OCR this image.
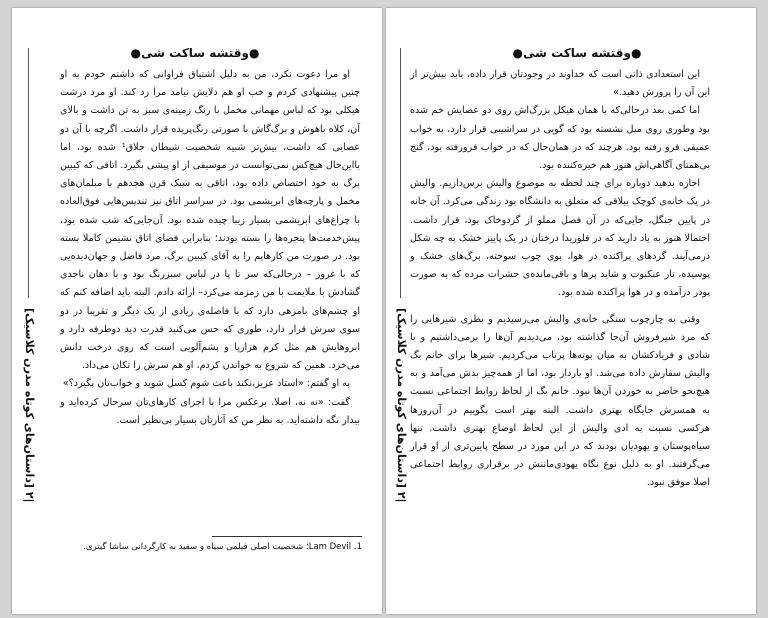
●وقتشه ساکت شی●
[داستان‌های کوتاه مدرن کلاسیک] ۲|

او مرا دعوت نکرد، من به دلیل اشتیاق فراوانی که داشتم خودم به او چنین پیشنهادی کردم و خب او هم دلایش نیامد مرا رد کند. او مرد درشت هیکلی بود که لباس مهمانی مخمل با رنگ زمینه‌ی سبز به تن داشت و بالای آن، کلاه باهوش و برگ‌گاش با صورتی رنگ‌پریده قرار داشت. اگرچه با آن دو عصایی که داشت، بیش‌تر شبیه شخصیت شیطان جلاق¹ شده بود، اما بااین‌حال هیچ‌کس نمی‌توانست در موسیقی از او پیشی بگیرد. اتاقی که کیبین برگ به خود اختصاص داده بود، اتاقی به سبک قرن هجدهم با مبلمان‌های مخمل و پارچه‌های ابریشمی بود. در سراسر اتاق نیز تندیس‌هایی فوق‌العاده با چراغ‌های ابریشمی بسیار زیبا چیده شده بود. آن‌جایی‌که شب شده بود، پیش‌خدمت‌ها پنجره‌ها را بسته بودند؛ بنابراین فضای اتاق نشیمن کاملا بسته بود. در صورت من کارهایم را به آقای کیبین برگ، مرد فاضل و جهان‌دیده‌یی که با غرور – درحالی‌که سر تا پا در لباس سبزرنگ بود و با دهان ناحدی گشادش با ملایمت با من زمزمه می‌کرد– ارائه دادم. البته باید اضافه کنم که او چشم‌های بامزهی دارد که با فاصله‌ی زیادی از یک دیگر و تقریبا در دو سوی سرش قرار دارد، طوری که حس می‌کنید قدرت دید دوطرفه دارد و ابروهایش هم مثل کرم هزارپا و پشم‌آلویی است که روی درخت دانش می‌خزد. همین که شروع به خواندن کردم، او هم سرش را تکان می‌داد.

به او گفتم: «استاد عزیز،نکند باعث شوم کسل شوید و خواب‌تان بگیرد؟»

گفت: «نه نه، اصلا. برعکس مرا با اجرای کارهای‌تان سرحال کرده‌اید و بیدار نگه داشته‌اید. به نظر من که آثارتان بسیار بی‌نظیر است.

1. Lam Devil؛ شخصیت اصلی فیلمی سیاه و سفید به کارگردانی ساشا گیتری.
●وقتشه ساکت شی●
[داستان‌های کوتاه مدرن کلاسیک] ۲|

این استعدادی ذاتی است که خداوند در وجودتان قرار داده، باید بیش‌تر از این آن را پرورش دهید.»

اما کمی بعد درحالی‌که با همان هیکل بزرگ‌اش روی دو عصایش خم شده بود وطوری روی مبل نشسته بود که گویی در سراشیبی قرار دارد، به خواب عمیقی فرو رفته بود. هرچند که در همان‌حال که در خواب فرورفته بود، گنج بی‌همتای آگاهی‌اش هنوز هم خیره‌کننده بود.

اجازه بدهید دوباره برای چند لحظه به موضوع والیش برس‌دازیم. والیش در یک خانه‌ی کوچک ییلاقی که متعلق به دانشگاه بود زندگی می‌کرد. آن خانه در پایین جنگل، جایی‌که در آن فصل مملو از گردوخاک بود، قرار داشت. احتمالا هنوز به یاد دارید که در فلوریدا درختان در یک پاییز خشک به چه شکل درمی‌آیند. گردهای پراکنده در هوا، بوی چوب سوخته، برگ‌های خشک و پوسیده، تار عنکبوت و شاید پرها و باقی‌مانده‌ی حشرات مرده که به صورت پودر درآمده و در هوا پراکنده شده بود.

وقتی به چارچوب سنگی خانه‌ی والیش می‌رسیدیم و بطری شیرهایی را که مرد شیرفروش آن‌جا گذاشته بود، می‌دیدیم آن‌ها را برمی‌داشتیم و با شادی و فریادکشان به میان بوته‌ها پرتاب می‌کردیم. شیرها برای خانم بگ والیش سفارش داده می‌شد. او باردار بود، اما از همه‌چیز بدش می‌آمد و به هیچ‌نحو حاضر به خوردن آن‌ها نبود. خانم بگ از لحاظ روابط اجتماعی نسبت به همسرش جایگاه بهتری داشت. البته بهتر است بگوییم در آن‌روزها هرکسی نسبت به ادی والیش از این لحاظ اوضاع بهتری داشت. تنها سیاه‌پوستان و یهودیان بودند که در این مورد در سطح پایین‌تری از او قرار می‌گرفتند. او به دلیل نوع نگاه یهودی‌ماننش در برقراری روابط اجتماعی اصلا موفق نبود.
